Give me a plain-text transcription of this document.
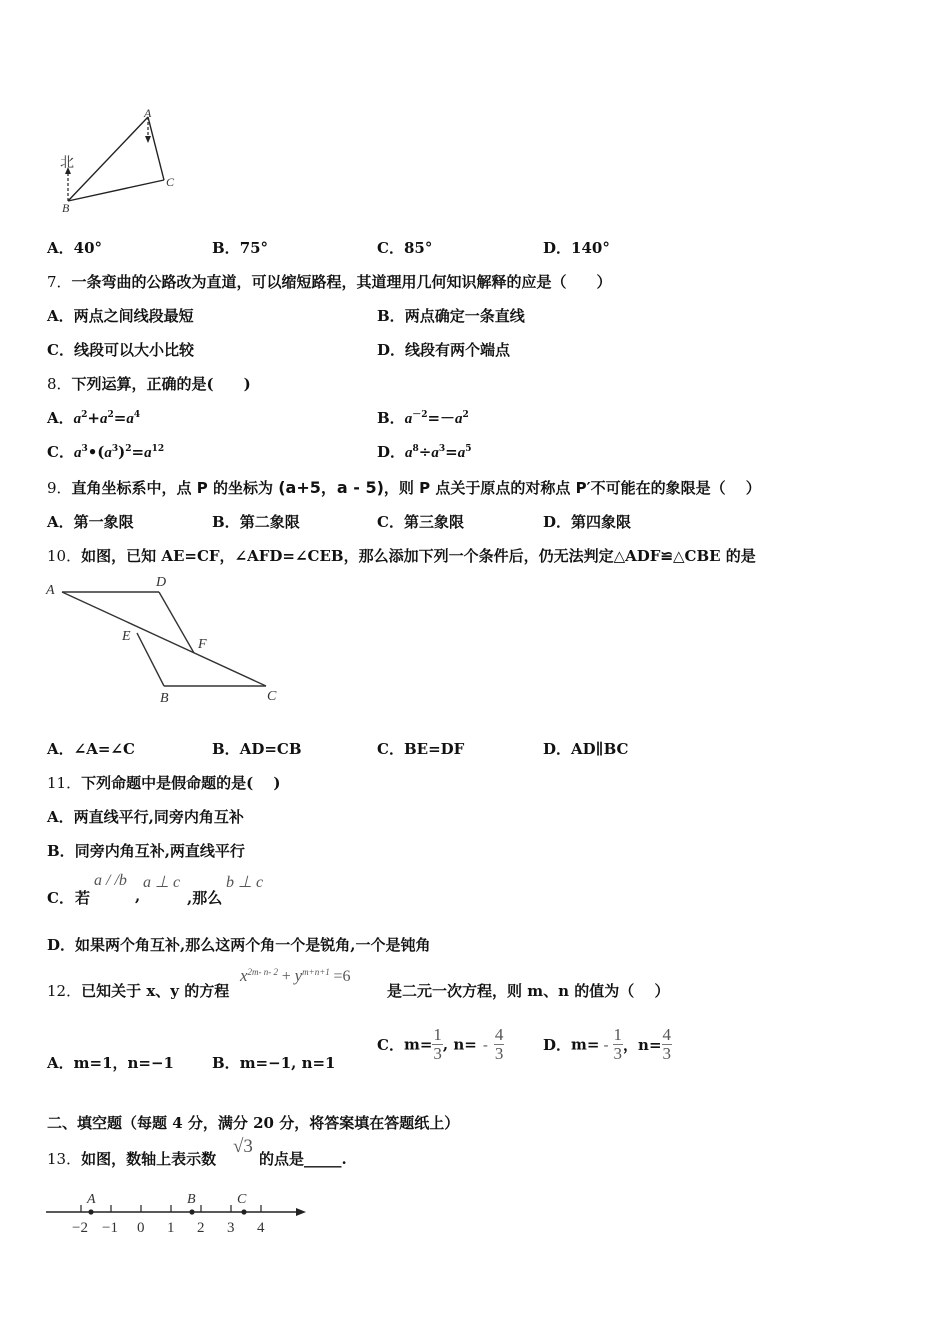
北
A
B
C
A．40°	B．75°	C．85°	D．140°
7．一条弯曲的公路改为直道，可以缩短路程，其道理用几何知识解释的应是（　　）
A．两点之间线段最短	B．两点确定一条直线
C．线段可以大小比较	D．线段有两个端点
8．下列运算，正确的是(　　)
A．$a^2+a^2=a^4$	B．$a^{-2}=-a^2$
C．$a^3•(a^3)^2=a^{12}$	D．$a^8\div a^3=a^5$
9．直角坐标系中，点 P 的坐标为 (a+5，a - 5)，则 P 点关于原点的对称点 P′不可能在的象限是（　 ）
A．第一象限	B．第二象限	C．第三象限	D．第四象限
10．如图，已知 AE=CF，∠AFD=∠CEB，那么添加下列一个条件后，仍无法判定△ADF≌△CBE 的是
A
D
E
F
B	C
A．∠A=∠C	B．AD=CB	C．BE=DF	D．AD∥BC
11．下列命题中是假命题的是(　 )
A．两直线平行,同旁内角互补
B．同旁内角互补,两直线平行
C． 若
a / /b
,
a ⊥ c
,那么
b ⊥ c
D．如果两个角互补,那么这两个角一个是锐角,一个是钝角
12．已知关于 x、y 的方程
$x^{2m- n- 2} + y^{m+n+1} =6$
是二元一次方程，则 m、n 的值为（　 ）
A．m=1，n=−1	B．m=−1, n=1
C．$m= \frac{1}{3}$ , $n= - \frac{4}{3}$	D．$m= - \frac{1}{3}$ ，$n= \frac{4}{3}$
二、填空题（每题 4 分，满分 20 分，将答案填在答题纸上）
13．如图，数轴上表示数
√3
的点是_____.
A	B	C
−2 −1 0 1 2 3 4
